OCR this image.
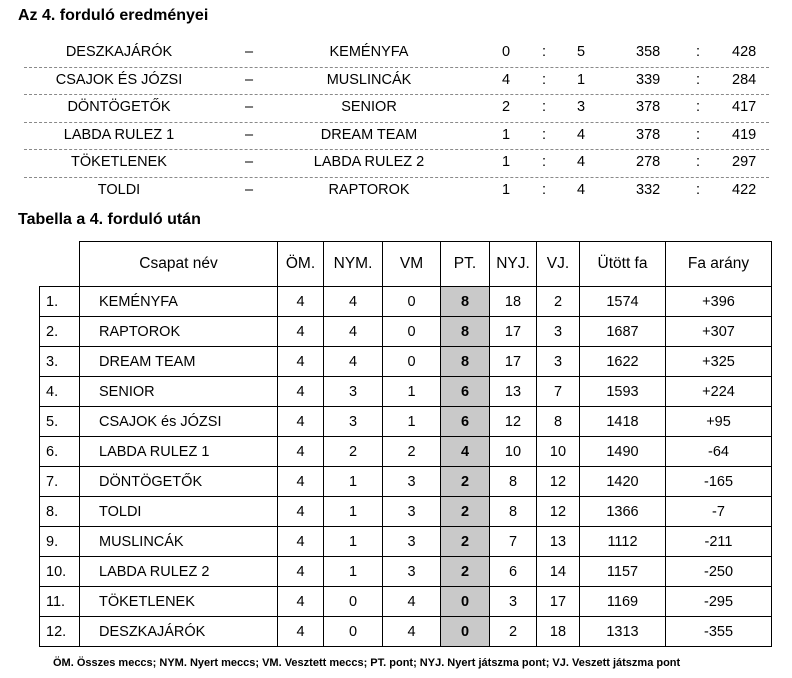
Az 4. forduló eredményei
DESZKAJÁRÓK	–	KEMÉNYFA	0 : 5	358 : 428
CSAJOK ÉS JÓZSI	–	MUSLINCÁK	4 : 1	339 : 284
DÖNTÖGETŐK	–	SENIOR	2 : 3	378 : 417
LABDA RULEZ 1	–	DREAM TEAM	1 : 4	378 : 419
TÖKETLENEK	–	LABDA RULEZ 2	1 : 4	278 : 297
TOLDI	–	RAPTOROK	1 : 4	332 : 422
Tabella a 4. forduló után
	Csapat név	ÖM.	NYM.	VM	PT.	NYJ.	VJ.	Ütött fa	Fa arány
1.	KEMÉNYFA	4	4	0	8	18	2	1574	+396
2.	RAPTOROK	4	4	0	8	17	3	1687	+307
3.	DREAM TEAM	4	4	0	8	17	3	1622	+325
4.	SENIOR	4	3	1	6	13	7	1593	+224
5.	CSAJOK és JÓZSI	4	3	1	6	12	8	1418	+95
6.	LABDA RULEZ 1	4	2	2	4	10	10	1490	-64
7.	DÖNTÖGETŐK	4	1	3	2	8	12	1420	-165
8.	TOLDI	4	1	3	2	8	12	1366	-7
9.	MUSLINCÁK	4	1	3	2	7	13	1112	-211
10.	LABDA RULEZ 2	4	1	3	2	6	14	1157	-250
11.	TÖKETLENEK	4	0	4	0	3	17	1169	-295
12.	DESZKAJÁRÓK	4	0	4	0	2	18	1313	-355
ÖM. Összes meccs; NYM. Nyert meccs; VM. Vesztett meccs; PT. pont; NYJ. Nyert játszma pont; VJ. Veszett játszma pont
